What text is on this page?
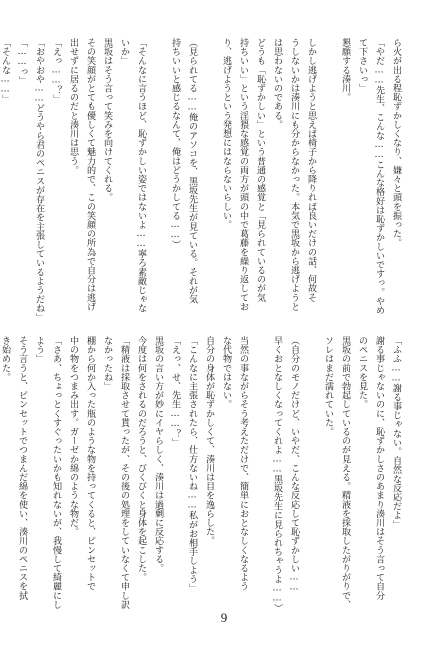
ら火が出る程恥ずかしくなり、嫌々と頭を振った。
「やだ……先生、こんな……こんな格好は恥ずかしいですっ。やめ
て下さいっ」
懇願する湊川。

しかし逃げようと思えば椅子から降りれば良いだけの話、何故そ
うしないかは湊川にも分からなかった。本気で黒坂から逃げようと
は思わないのである。
どうも「恥ずかしい」という普通の感覚と「見られているのが気
持ちいい」という淫猥な感覚の両方が頭の中で葛藤を繰り返してお
り、逃げようという発想にはならないらしい。

（見られてる……俺のアソコを、黒坂先生が見ている。それが気
持ちいいと感じるなんて、俺はどうかしてる……）

「そんなに言うほど、恥ずかしい姿ではないよ……寧ろ素敵じゃな
いか」
黒坂はそう言って笑みを向けてくれる。
その笑顔がとても優しくて魅力的で、この笑顔の所為で自分は逃げ
出せずに居るのだと湊川は思う。
「えっ……？」
「おやおや……どうやら君のペニスが存在を主張しているようだね」
「……っ」
「そんな……」
「ふふ……謝る事じゃない。自然な反応だよ」
謝る事じゃないのに、恥ずかしさのあまり湊川はそう言って自分
のペニスを見た。
黒坂の前で勃起しているのが見える。精液を採取したがりがりで、
ソレはまだ濡れていた。

（自分のモノだけど、いやだ、こんな反応して恥ずかしい……
早くおとなしくなってくれよ……黒坂先生に見られちゃうよ……）

当然の事ながらそう考えただけで、簡単におとなしくなるよう
な代物ではない。
自分の身体が恥ずかしくて、湊川は目を逸らした。
「こんなに主張されたら、仕方ないね……私がお相手しよう」
「えっ、せ、先生……？」
黒坂の言い方が妙にイヤらしく、湊川は過剰に反応する。
今度は何をされるのだろうと、びくびくと身体を起こした。
「精液は採取させて貰ったが、その後の処理をしていなくて申し訳
なかったね」
棚から何か入った瓶のような物を持ってくると、ピンセットで
中の物をつまみ出す。ガーゼか綿のような物だ。
「さあ、ちょっとくすぐったいかも知れないが、我慢して綺麗にし
よう」
そう言うと、ピンセットでつまんだ綿を使い、湊川のペニスを拭
き始めた。

9
